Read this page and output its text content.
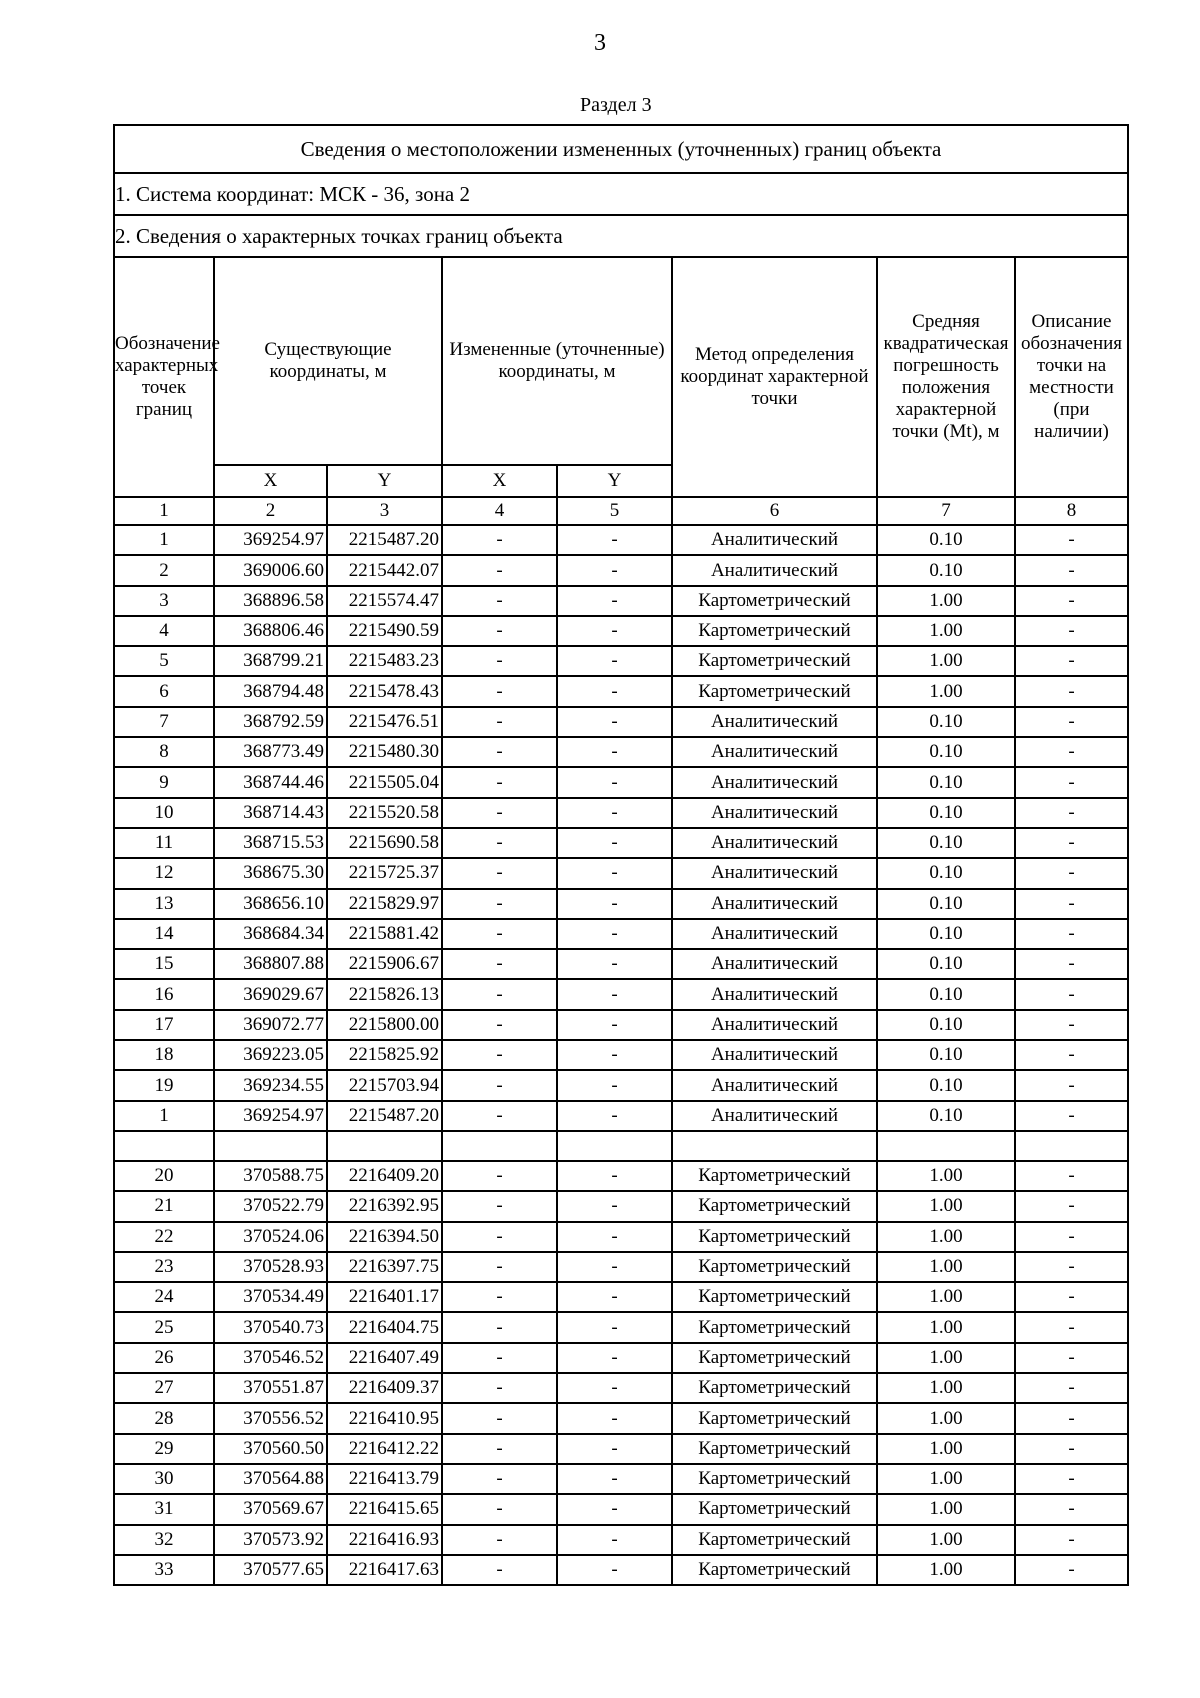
3
Раздел 3
Сведения о местоположении измененных (уточненных) границ объекта							
1. Система координат: МСК - 36, зона 2							
2. Сведения о характерных точках границ объекта							
Обозначение характерных точек границ	Существующие координаты, м		Измененные (уточненные) координаты, м		Метод определения координат характерной точки	Средняя квадратическая погрешность положения характерной точки (Mt), м	Описание обозначения точки на местности (при наличии)
	X	Y	X	Y			
1	2	3	4	5	6	7	8
1	369254.97	2215487.20	-	-	Аналитический	0.10	-
2	369006.60	2215442.07	-	-	Аналитический	0.10	-
3	368896.58	2215574.47	-	-	Картометрический	1.00	-
4	368806.46	2215490.59	-	-	Картометрический	1.00	-
5	368799.21	2215483.23	-	-	Картометрический	1.00	-
6	368794.48	2215478.43	-	-	Картометрический	1.00	-
7	368792.59	2215476.51	-	-	Аналитический	0.10	-
8	368773.49	2215480.30	-	-	Аналитический	0.10	-
9	368744.46	2215505.04	-	-	Аналитический	0.10	-
10	368714.43	2215520.58	-	-	Аналитический	0.10	-
11	368715.53	2215690.58	-	-	Аналитический	0.10	-
12	368675.30	2215725.37	-	-	Аналитический	0.10	-
13	368656.10	2215829.97	-	-	Аналитический	0.10	-
14	368684.34	2215881.42	-	-	Аналитический	0.10	-
15	368807.88	2215906.67	-	-	Аналитический	0.10	-
16	369029.67	2215826.13	-	-	Аналитический	0.10	-
17	369072.77	2215800.00	-	-	Аналитический	0.10	-
18	369223.05	2215825.92	-	-	Аналитический	0.10	-
19	369234.55	2215703.94	-	-	Аналитический	0.10	-
1	369254.97	2215487.20	-	-	Аналитический	0.10	-

20	370588.75	2216409.20	-	-	Картометрический	1.00	-
21	370522.79	2216392.95	-	-	Картометрический	1.00	-
22	370524.06	2216394.50	-	-	Картометрический	1.00	-
23	370528.93	2216397.75	-	-	Картометрический	1.00	-
24	370534.49	2216401.17	-	-	Картометрический	1.00	-
25	370540.73	2216404.75	-	-	Картометрический	1.00	-
26	370546.52	2216407.49	-	-	Картометрический	1.00	-
27	370551.87	2216409.37	-	-	Картометрический	1.00	-
28	370556.52	2216410.95	-	-	Картометрический	1.00	-
29	370560.50	2216412.22	-	-	Картометрический	1.00	-
30	370564.88	2216413.79	-	-	Картометрический	1.00	-
31	370569.67	2216415.65	-	-	Картометрический	1.00	-
32	370573.92	2216416.93	-	-	Картометрический	1.00	-
33	370577.65	2216417.63	-	-	Картометрический	1.00	-
